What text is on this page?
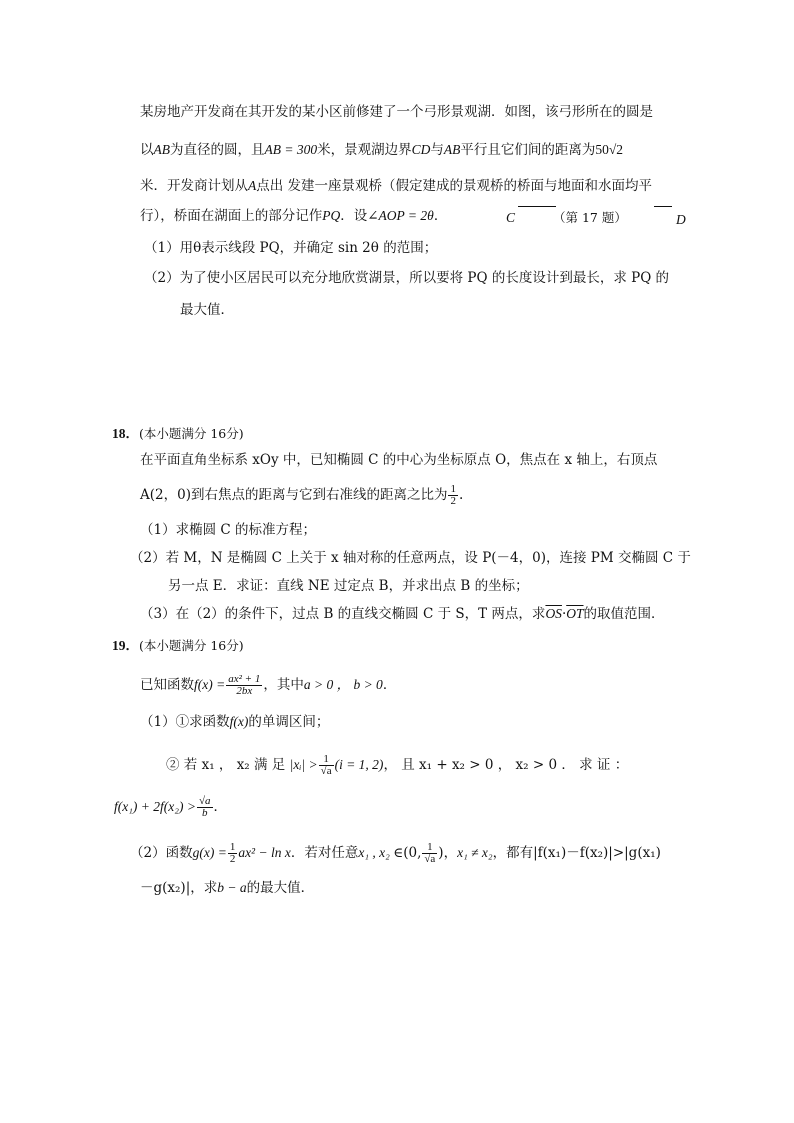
某房地产开发商在其开发的某小区前修建了一个弓形景观湖．如图，该弓形所在的圆是
以AB为直径的圆，且AB = 300米，景观湖边界CD与AB平行且它们间的距离为50√2
米．开发商计划从A点出 发建一座景观桥（假定建成的景观桥的桥面与地面和水面均平
行），桥面在湖面上的部分记作PQ．设∠AOP = 2θ．	C	（第 17 题）	D
（1）用θ表示线段 PQ，并确定 sin 2θ 的范围；
（2）为了使小区居民可以充分地欣赏湖景，所以要将 PQ 的长度设计到最长，求 PQ 的
最大值．
18．(本小题满分 16分)
在平面直角坐标系 xOy 中，已知椭圆 C 的中心为坐标原点 O，焦点在 x 轴上，右顶点
A(2，0)到右焦点的距离与它到右准线的距离之比为 $\frac{1}{2}$ .
（1）求椭圆 C 的标准方程；
（2）若 M，N 是椭圆 C 上关于 x 轴对称的任意两点，设 P(－4，0)，连接 PM 交椭圆 C 于
另一点 E．求证：直线 NE 过定点 B，并求出点 B 的坐标；
（3）在（2）的条件下，过点 B 的直线交椭圆 C 于 S，T 两点，求$\overline{OS}\cdot\overline{OT}$的取值范围．
19．(本小题满分 16分)
已知函数$f(x) = \frac{\text{ax² + 1}}{2bx}$ ，其中a > 0 ， b > 0．
（1）①求函数f(x)的单调区间；
② 若 x₁ ， x₂ 满 足 |xᵢ| > $\frac{1}{√a} (i = 1$, 2)， 且 x₁ + x₂ > 0 ， x₂ > 0 ． 求 证 ：
$f(x_1) + 2f(x_2) > \frac{√a}{b}$ ．
（2）函数$g(x) = \frac{1}{2} ax^2 - \ln x$．若对任意x₁ , x₂ ∈(0, $\frac{1}{√a}$ )，x₁ ≠ x₂，都有|f(x₁)－f(x₂)|>|g(x₁)
－g(x₂)|，求b − a的最大值．
